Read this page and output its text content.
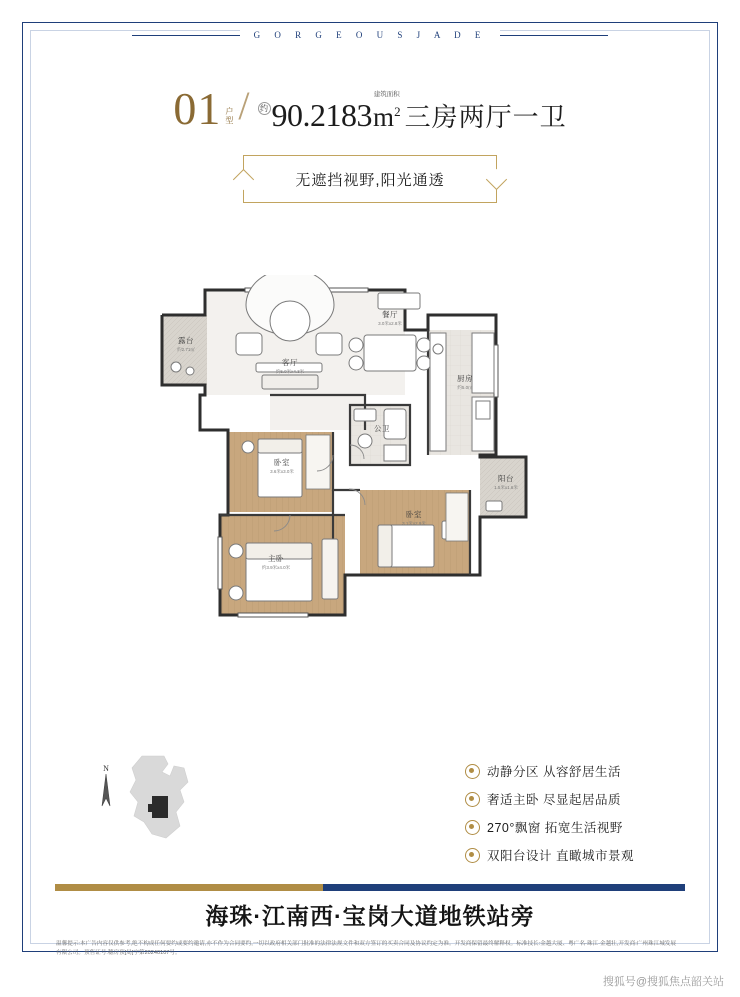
G O R G E O U S J A D E
01 户型 /	约 90.2183
建筑面积
$m^2$ 三房两厅一卫
无遮挡视野,阳光通透
露台
约2.71㎡
客厅
约5.0米x4.3米
餐厅
3.0米x2.8米
厨房
约5.0㎡
公卫
卧室
3.6米x3.0米
卧室
3.1米x2.9米
主卧
约3.9米x4.0米
阳台
1.5米x1.6米
N	动静分区 从容舒居生活
奢适主卧 尽显起居品质
270°飘窗 拓宽生活视野
双阳台设计 直瞰城市景观
海珠·江南西·宝岗大道地铁站旁
温馨提示:本广告内容仅供参考,绝不构成任何要约或要约邀请,亦不作为合同要约,一切以政府相关部门批准的法律法规文件和双方签订的买卖合同及协议约定为准。开发商保留最终解释权。标准技长:金越大厦、粤广名·珠江·金越壮,开发商:广州珠江城发展有限公司。预售证号:穗房预[局]字第20240107号。
搜狐号@搜狐焦点韶关站
